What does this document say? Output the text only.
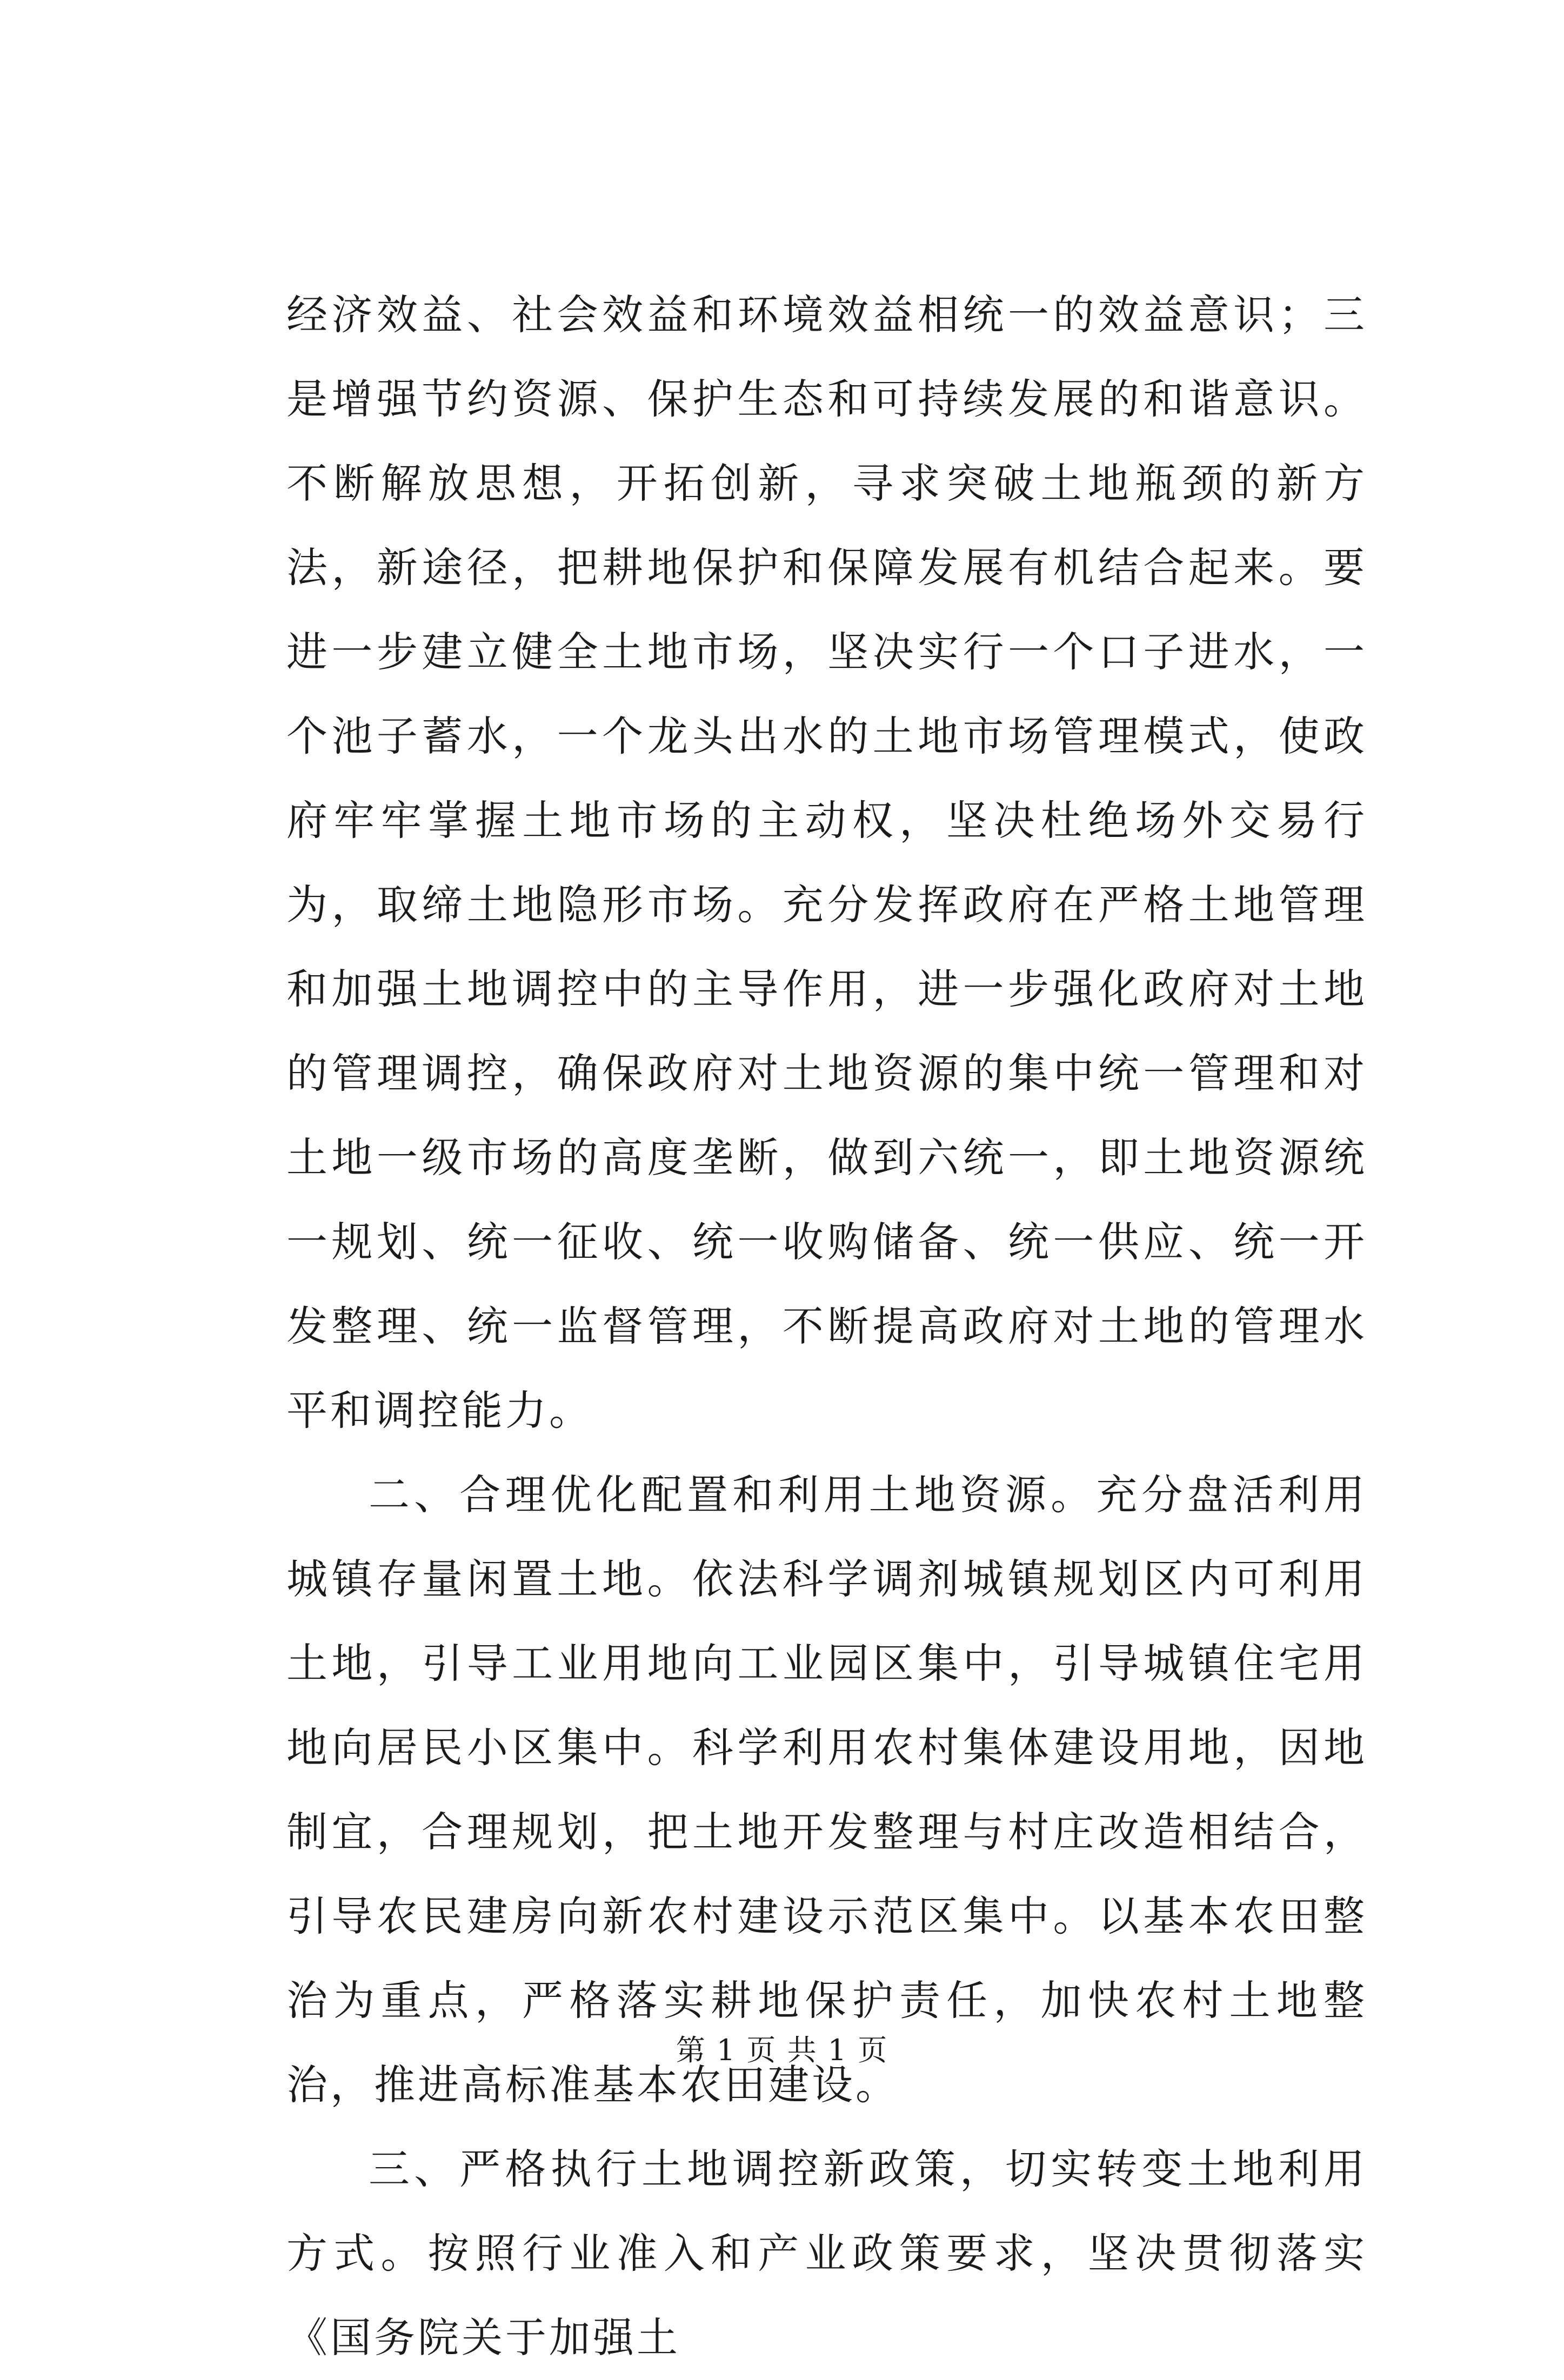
经济效益、社会效益和环境效益相统一的效益意识；三是增强节约资源、保护生态和可持续发展的和谐意识。不断解放思想，开拓创新，寻求突破土地瓶颈的新方法，新途径，把耕地保护和保障发展有机结合起来。要进一步建立健全土地市场，坚决实行一个口子进水，一个池子蓄水，一个龙头出水的土地市场管理模式，使政府牢牢掌握土地市场的主动权，坚决杜绝场外交易行为，取缔土地隐形市场。充分发挥政府在严格土地管理和加强土地调控中的主导作用，进一步强化政府对土地的管理调控，确保政府对土地资源的集中统一管理和对土地一级市场的高度垄断，做到六统一，即土地资源统一规划、统一征收、统一收购储备、统一供应、统一开发整理、统一监督管理，不断提高政府对土地的管理水平和调控能力。

二、合理优化配置和利用土地资源。充分盘活利用城镇存量闲置土地。依法科学调剂城镇规划区内可利用土地，引导工业用地向工业园区集中，引导城镇住宅用地向居民小区集中。科学利用农村集体建设用地，因地制宜，合理规划，把土地开发整理与村庄改造相结合，引导农民建房向新农村建设示范区集中。以基本农田整治为重点，严格落实耕地保护责任，加快农村土地整治，推进高标准基本农田建设。

三、严格执行土地调控新政策，切实转变土地利用方式。按照行业准入和产业政策要求，坚决贯彻落实《国务院关于加强土

第 1 页 共 1 页
